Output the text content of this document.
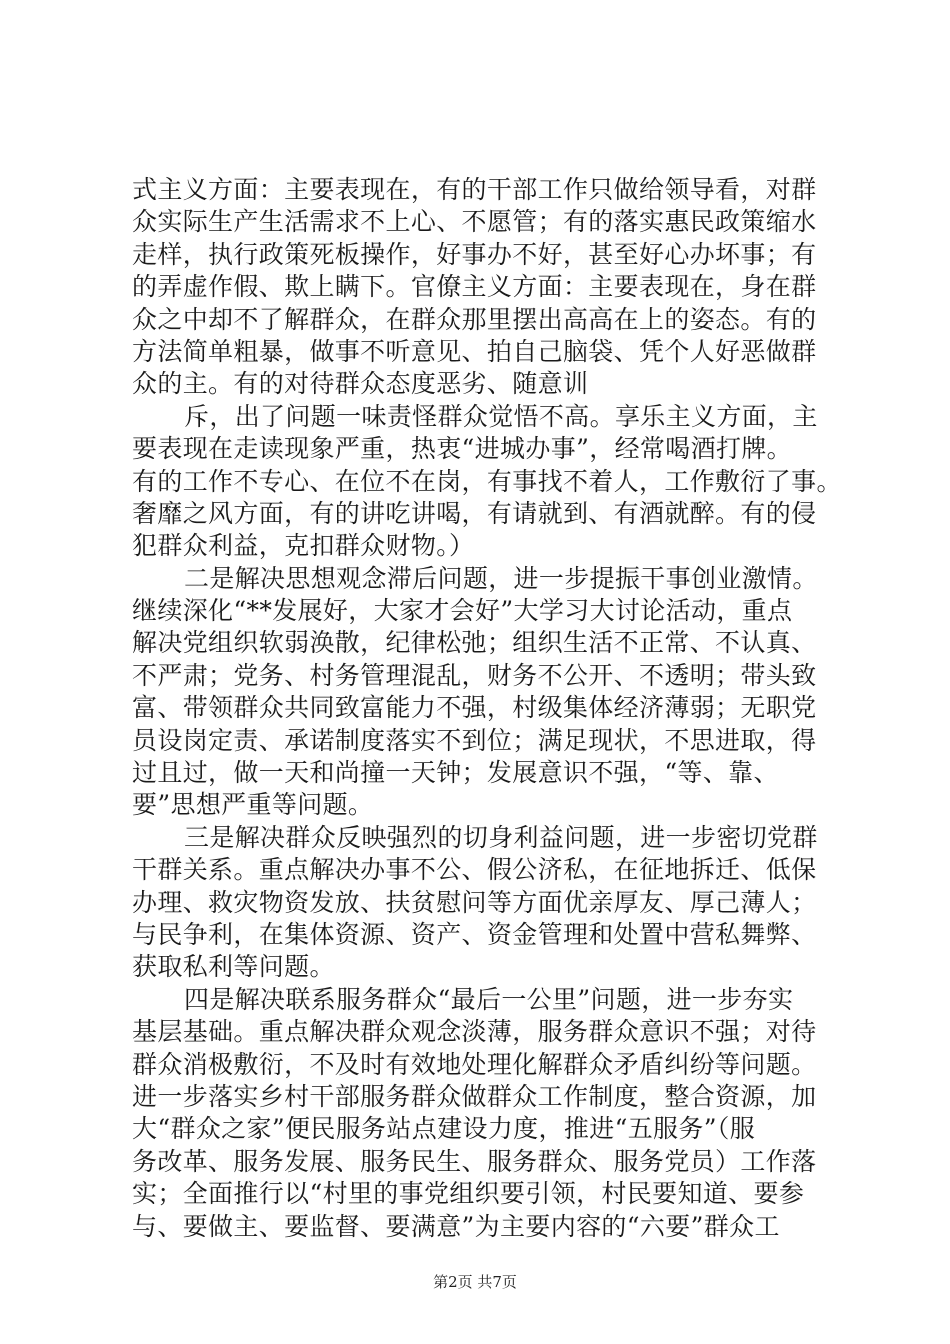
式主义方面：主要表现在，有的干部工作只做给领导看，对群
众实际生产生活需求不上心、不愿管；有的落实惠民政策缩水
走样，执行政策死板操作，好事办不好，甚至好心办坏事；有
的弄虚作假、欺上瞒下。官僚主义方面：主要表现在，身在群
众之中却不了解群众，在群众那里摆出高高在上的姿态。有的
方法简单粗暴，做事不听意见、拍自己脑袋、凭个人好恶做群
众的主。有的对待群众态度恶劣、随意训
斥，出了问题一味责怪群众觉悟不高。享乐主义方面，主
要表现在走读现象严重，热衷“进城办事”，经常喝酒打牌。
有的工作不专心、在位不在岗，有事找不着人，工作敷衍了事。
奢靡之风方面，有的讲吃讲喝，有请就到、有酒就醉。有的侵
犯群众利益，克扣群众财物。）
二是解决思想观念滞后问题，进一步提振干事创业激情。
继续深化“**发展好，大家才会好”大学习大讨论活动，重点
解决党组织软弱涣散，纪律松弛；组织生活不正常、不认真、
不严肃；党务、村务管理混乱，财务不公开、不透明；带头致
富、带领群众共同致富能力不强，村级集体经济薄弱；无职党
员设岗定责、承诺制度落实不到位；满足现状，不思进取，得
过且过，做一天和尚撞一天钟；发展意识不强，“等、靠、
要”思想严重等问题。
三是解决群众反映强烈的切身利益问题，进一步密切党群
干群关系。重点解决办事不公、假公济私，在征地拆迁、低保
办理、救灾物资发放、扶贫慰问等方面优亲厚友、厚己薄人；
与民争利，在集体资源、资产、资金管理和处置中营私舞弊、
获取私利等问题。
四是解决联系服务群众“最后一公里”问题，进一步夯实
基层基础。重点解决群众观念淡薄，服务群众意识不强；对待
群众消极敷衍，不及时有效地处理化解群众矛盾纠纷等问题。
进一步落实乡村干部服务群众做群众工作制度，整合资源，加
大“群众之家”便民服务站点建设力度，推进“五服务”（服
务改革、服务发展、服务民生、服务群众、服务党员）工作落
实；全面推行以“村里的事党组织要引领，村民要知道、要参
与、要做主、要监督、要满意”为主要内容的“六要”群众工
第2页 共7页
